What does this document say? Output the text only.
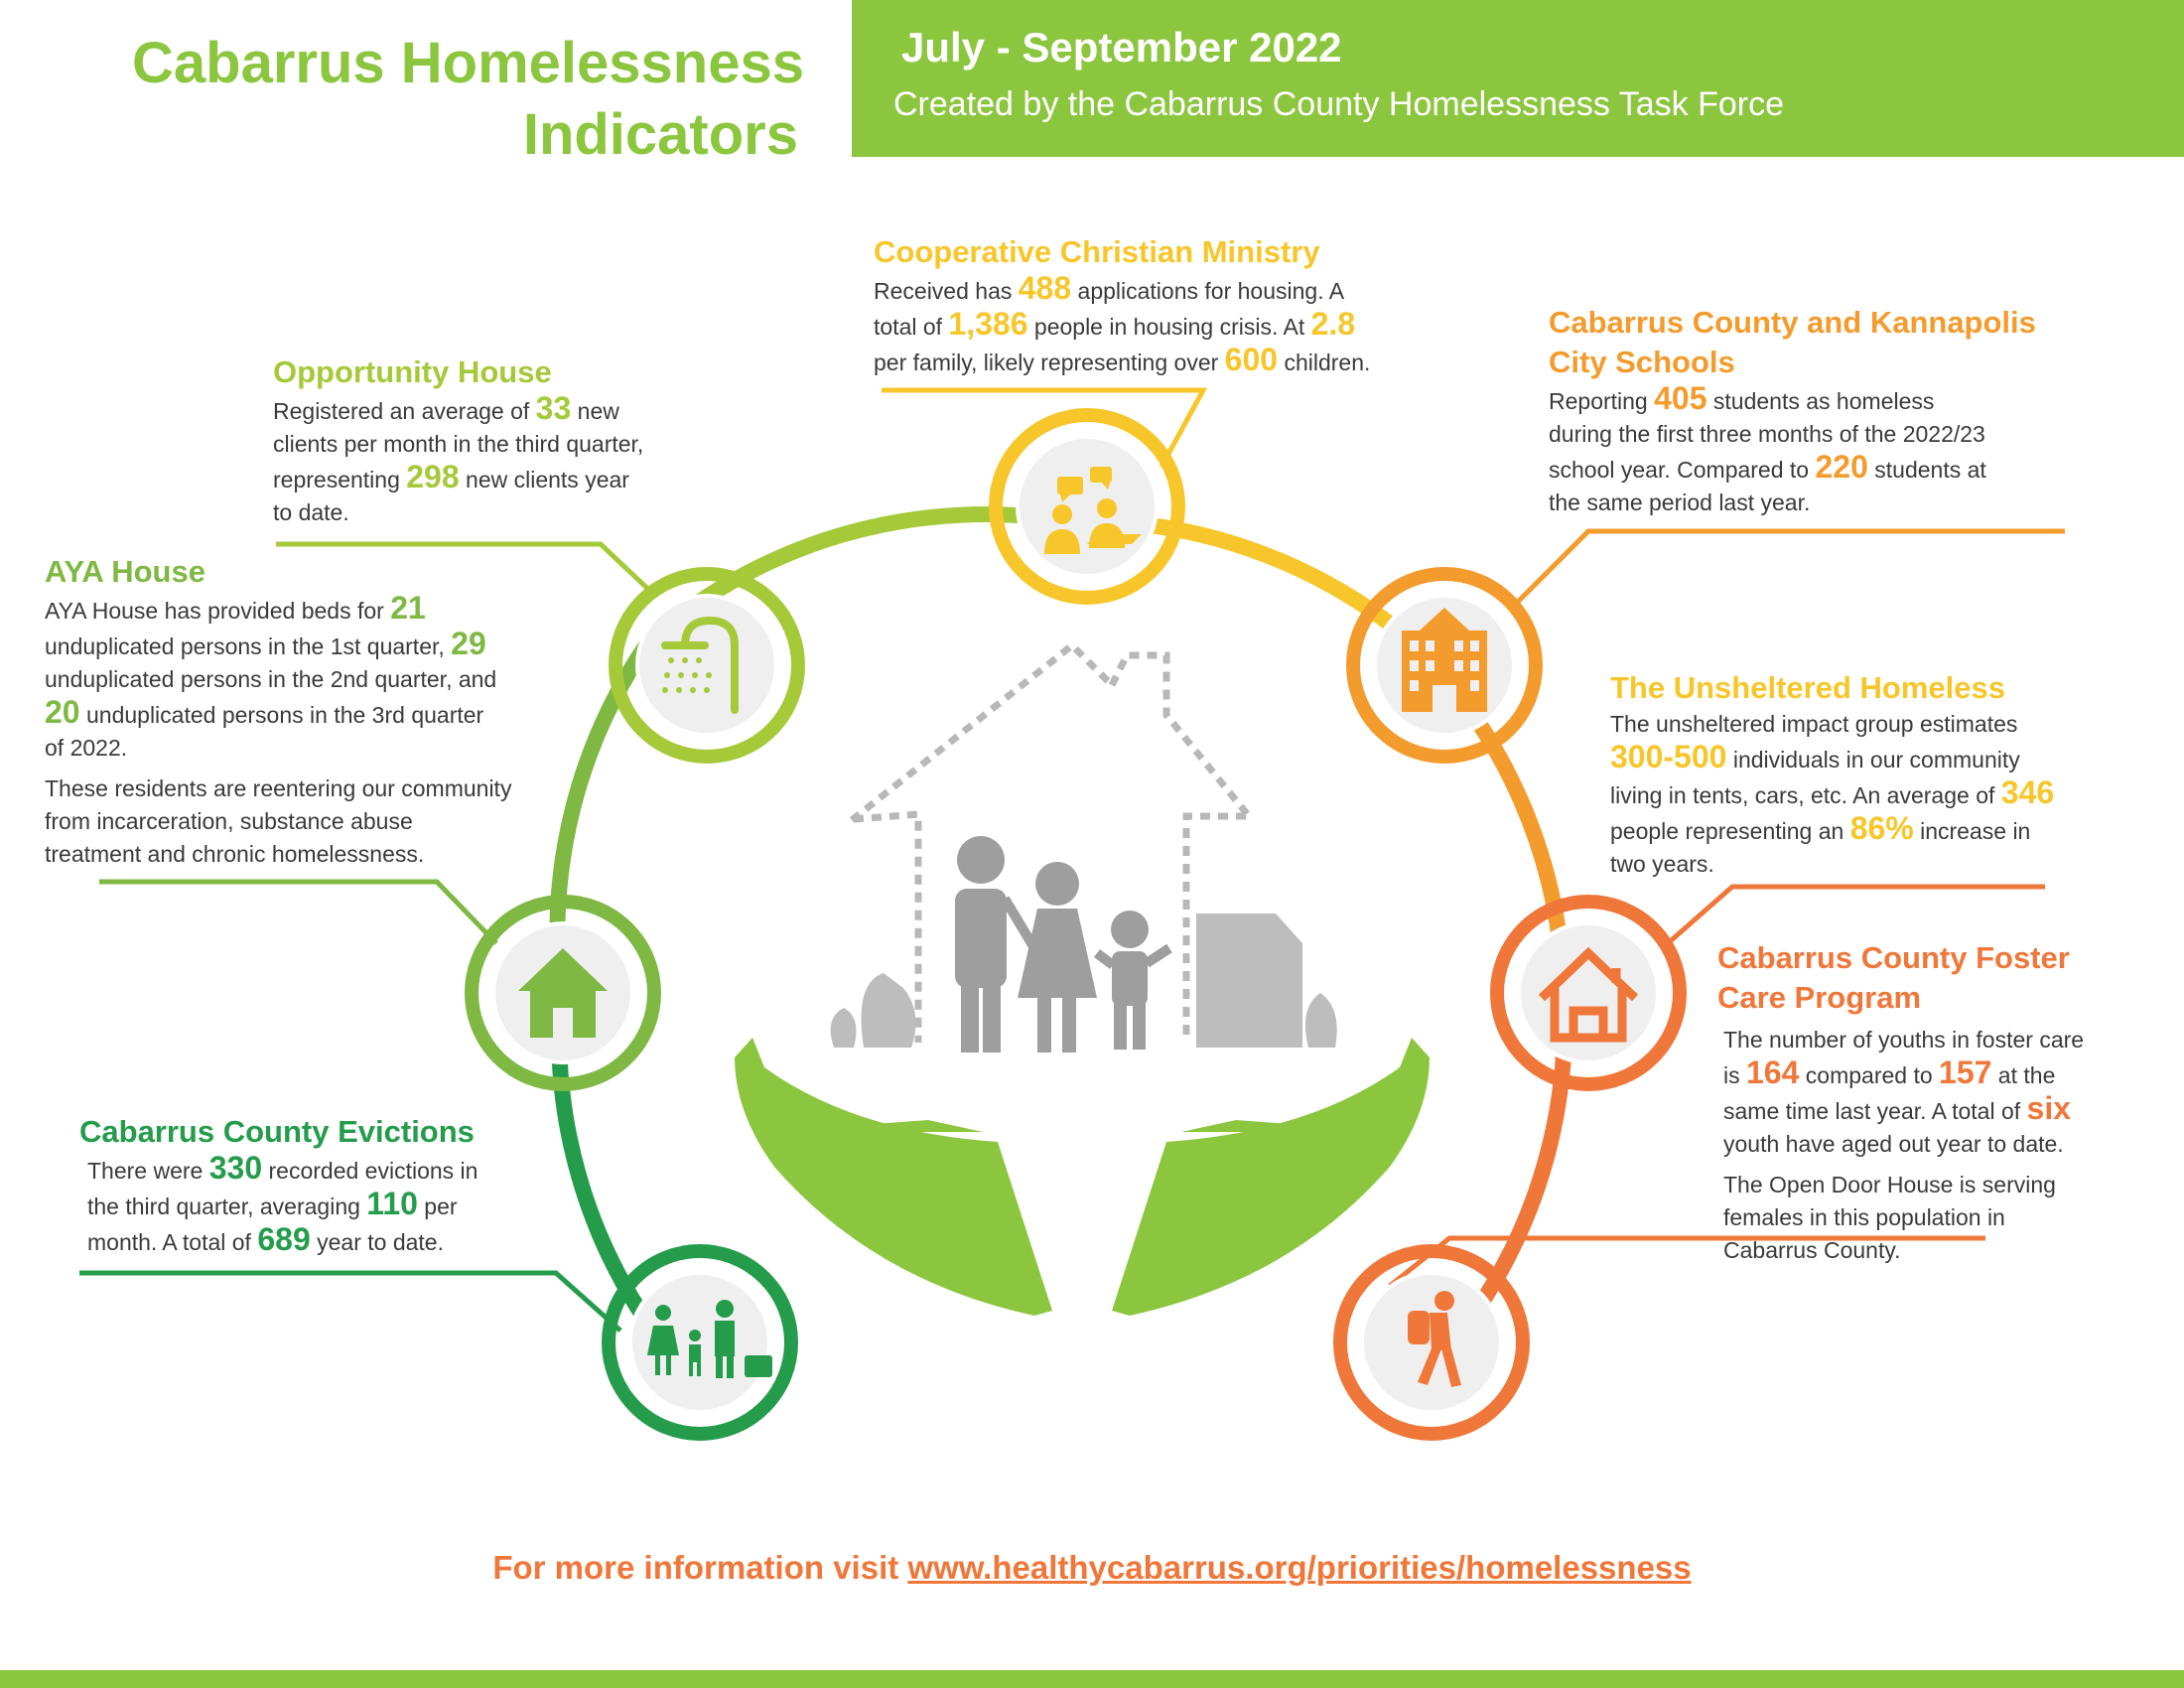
Cabarrus Homelessness
Indicators
July - September 2022
Created by the Cabarrus County Homelessness Task Force
Opportunity House
Registered an average of 33 new
clients per month in the third quarter,
representing 298 new clients year
to date.
AYA House
AYA House has provided beds for 21
unduplicated persons in the 1st quarter, 29
unduplicated persons in the 2nd quarter, and
20 unduplicated persons in the 3rd quarter
of 2022.
These residents are reentering our community
from incarceration, substance abuse
treatment and chronic homelessness.
Cabarrus County Evictions
There were 330 recorded evictions in
the third quarter, averaging 110 per
month. A total of 689 year to date.
Cooperative Christian Ministry
Received has 488 applications for housing. A
total of 1,386 people in housing crisis. At 2.8
per family, likely representing over 600 children.
Cabarrus County and Kannapolis
City Schools
Reporting 405 students as homeless
during the first three months of the 2022/23
school year. Compared to 220 students at
the same period last year.
The Unsheltered Homeless
The unsheltered impact group estimates
300-500 individuals in our community
living in tents, cars, etc. An average of 346
people representing an 86% increase in
two years.
Cabarrus County Foster
Care Program
The number of youths in foster care
is 164 compared to 157 at the
same time last year. A total of six
youth have aged out year to date.
The Open Door House is serving
females in this population in
Cabarrus County.
For more information visit www.healthycabarrus.org/priorities/homelessness
